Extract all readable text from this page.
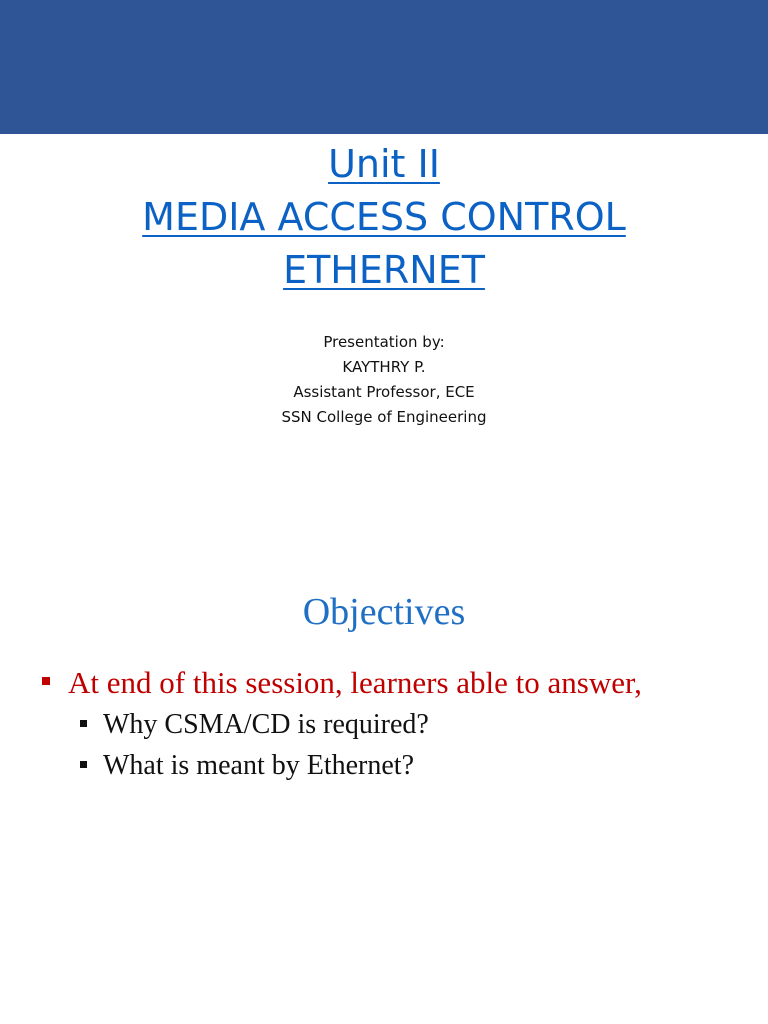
Unit II
MEDIA ACCESS CONTROL
ETHERNET
Presentation by:
KAYTHRY P.
Assistant Professor, ECE
SSN College of Engineering
Objectives
At end of this session, learners able to answer,
Why CSMA/CD is required?
What is meant by Ethernet?
